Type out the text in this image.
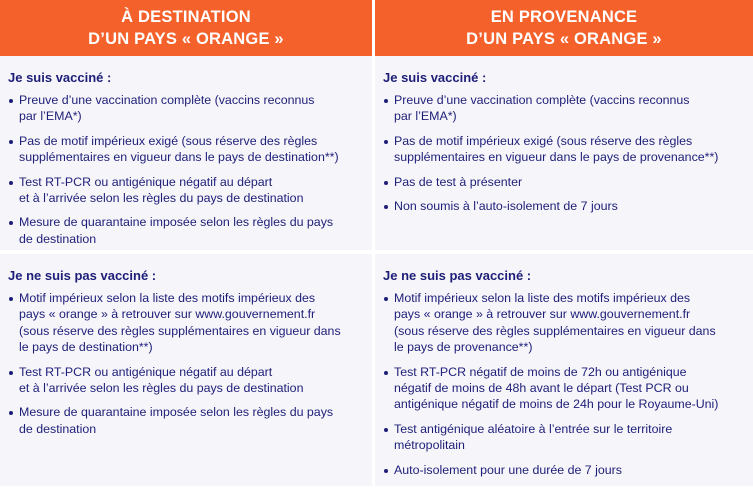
À DESTINATION
D’UN PAYS « ORANGE »
EN PROVENANCE
D’UN PAYS « ORANGE »
Je suis vacciné :
Preuve d’une vaccination complète (vaccins reconnus
par l’EMA*)
Pas de motif impérieux exigé (sous réserve des règles
supplémentaires en vigueur dans le pays de destination**)
Test RT-PCR ou antigénique négatif au départ
et à l’arrivée selon les règles du pays de destination
Mesure de quarantaine imposée selon les règles du pays
de destination
Je suis vacciné :
Preuve d’une vaccination complète (vaccins reconnus
par l’EMA*)
Pas de motif impérieux exigé (sous réserve des règles
supplémentaires en vigueur dans le pays de provenance**)
Pas de test à présenter
Non soumis à l’auto-isolement de 7 jours
Je ne suis pas vacciné :
Motif impérieux selon la liste des motifs impérieux des
pays « orange » à retrouver sur www.gouvernement.fr
(sous réserve des règles supplémentaires en vigueur dans
le pays de destination**)
Test RT-PCR ou antigénique négatif au départ
et à l’arrivée selon les règles du pays de destination
Mesure de quarantaine imposée selon les règles du pays
de destination
Je ne suis pas vacciné :
Motif impérieux selon la liste des motifs impérieux des
pays « orange » à retrouver sur www.gouvernement.fr
(sous réserve des règles supplémentaires en vigueur dans
le pays de provenance**)
Test RT-PCR négatif de moins de 72h ou antigénique
négatif de moins de 48h avant le départ (Test PCR ou
antigénique négatif de moins de 24h pour le Royaume-Uni)
Test antigénique aléatoire à l’entrée sur le territoire
métropolitain
Auto-isolement pour une durée de 7 jours
